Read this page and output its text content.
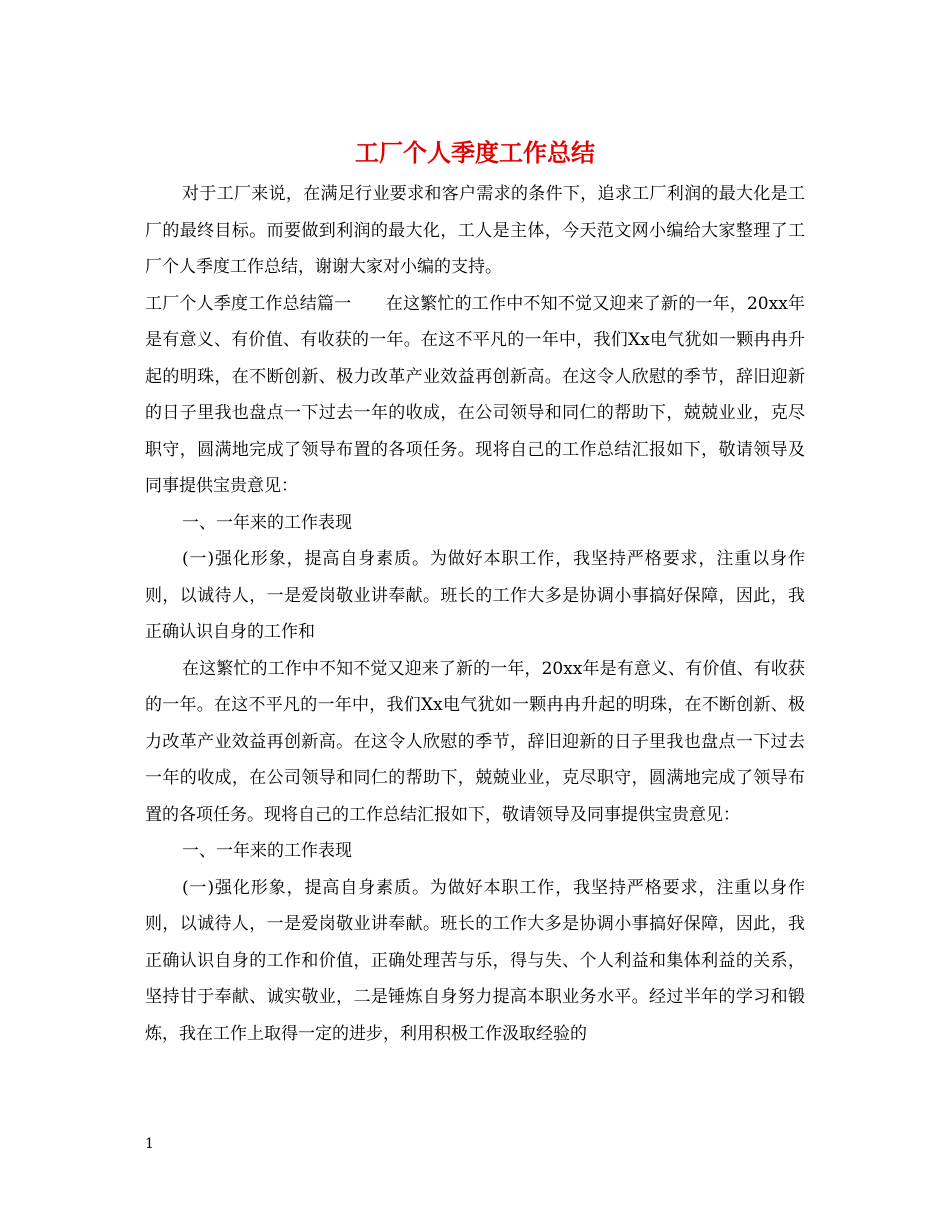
工厂个人季度工作总结

对于工厂来说，在满足行业要求和客户需求的条件下，追求工厂利润的最大化是工厂的最终目标。而要做到利润的最大化，工人是主体，今天范文网小编给大家整理了工厂个人季度工作总结，谢谢大家对小编的支持。

工厂个人季度工作总结篇一　　在这繁忙的工作中不知不觉又迎来了新的一年，20xx年是有意义、有价值、有收获的一年。在这不平凡的一年中，我们Xx电气犹如一颗冉冉升起的明珠，在不断创新、极力改革产业效益再创新高。在这令人欣慰的季节，辞旧迎新的日子里我也盘点一下过去一年的收成，在公司领导和同仁的帮助下，兢兢业业，克尽职守，圆满地完成了领导布置的各项任务。现将自己的工作总结汇报如下，敬请领导及同事提供宝贵意见：

一、一年来的工作表现

(一)强化形象，提高自身素质。为做好本职工作，我坚持严格要求，注重以身作则，以诚待人，一是爱岗敬业讲奉献。班长的工作大多是协调小事搞好保障，因此，我正确认识自身的工作和

在这繁忙的工作中不知不觉又迎来了新的一年，20xx年是有意义、有价值、有收获的一年。在这不平凡的一年中，我们Xx电气犹如一颗冉冉升起的明珠，在不断创新、极力改革产业效益再创新高。在这令人欣慰的季节，辞旧迎新的日子里我也盘点一下过去一年的收成，在公司领导和同仁的帮助下，兢兢业业，克尽职守，圆满地完成了领导布置的各项任务。现将自己的工作总结汇报如下，敬请领导及同事提供宝贵意见：

一、一年来的工作表现

(一)强化形象，提高自身素质。为做好本职工作，我坚持严格要求，注重以身作则，以诚待人，一是爱岗敬业讲奉献。班长的工作大多是协调小事搞好保障，因此，我正确认识自身的工作和价值，正确处理苦与乐，得与失、个人利益和集体利益的关系，坚持甘于奉献、诚实敬业，二是锤炼自身努力提高本职业务水平。经过半年的学习和锻炼，我在工作上取得一定的进步，利用积极工作汲取经验的

1
